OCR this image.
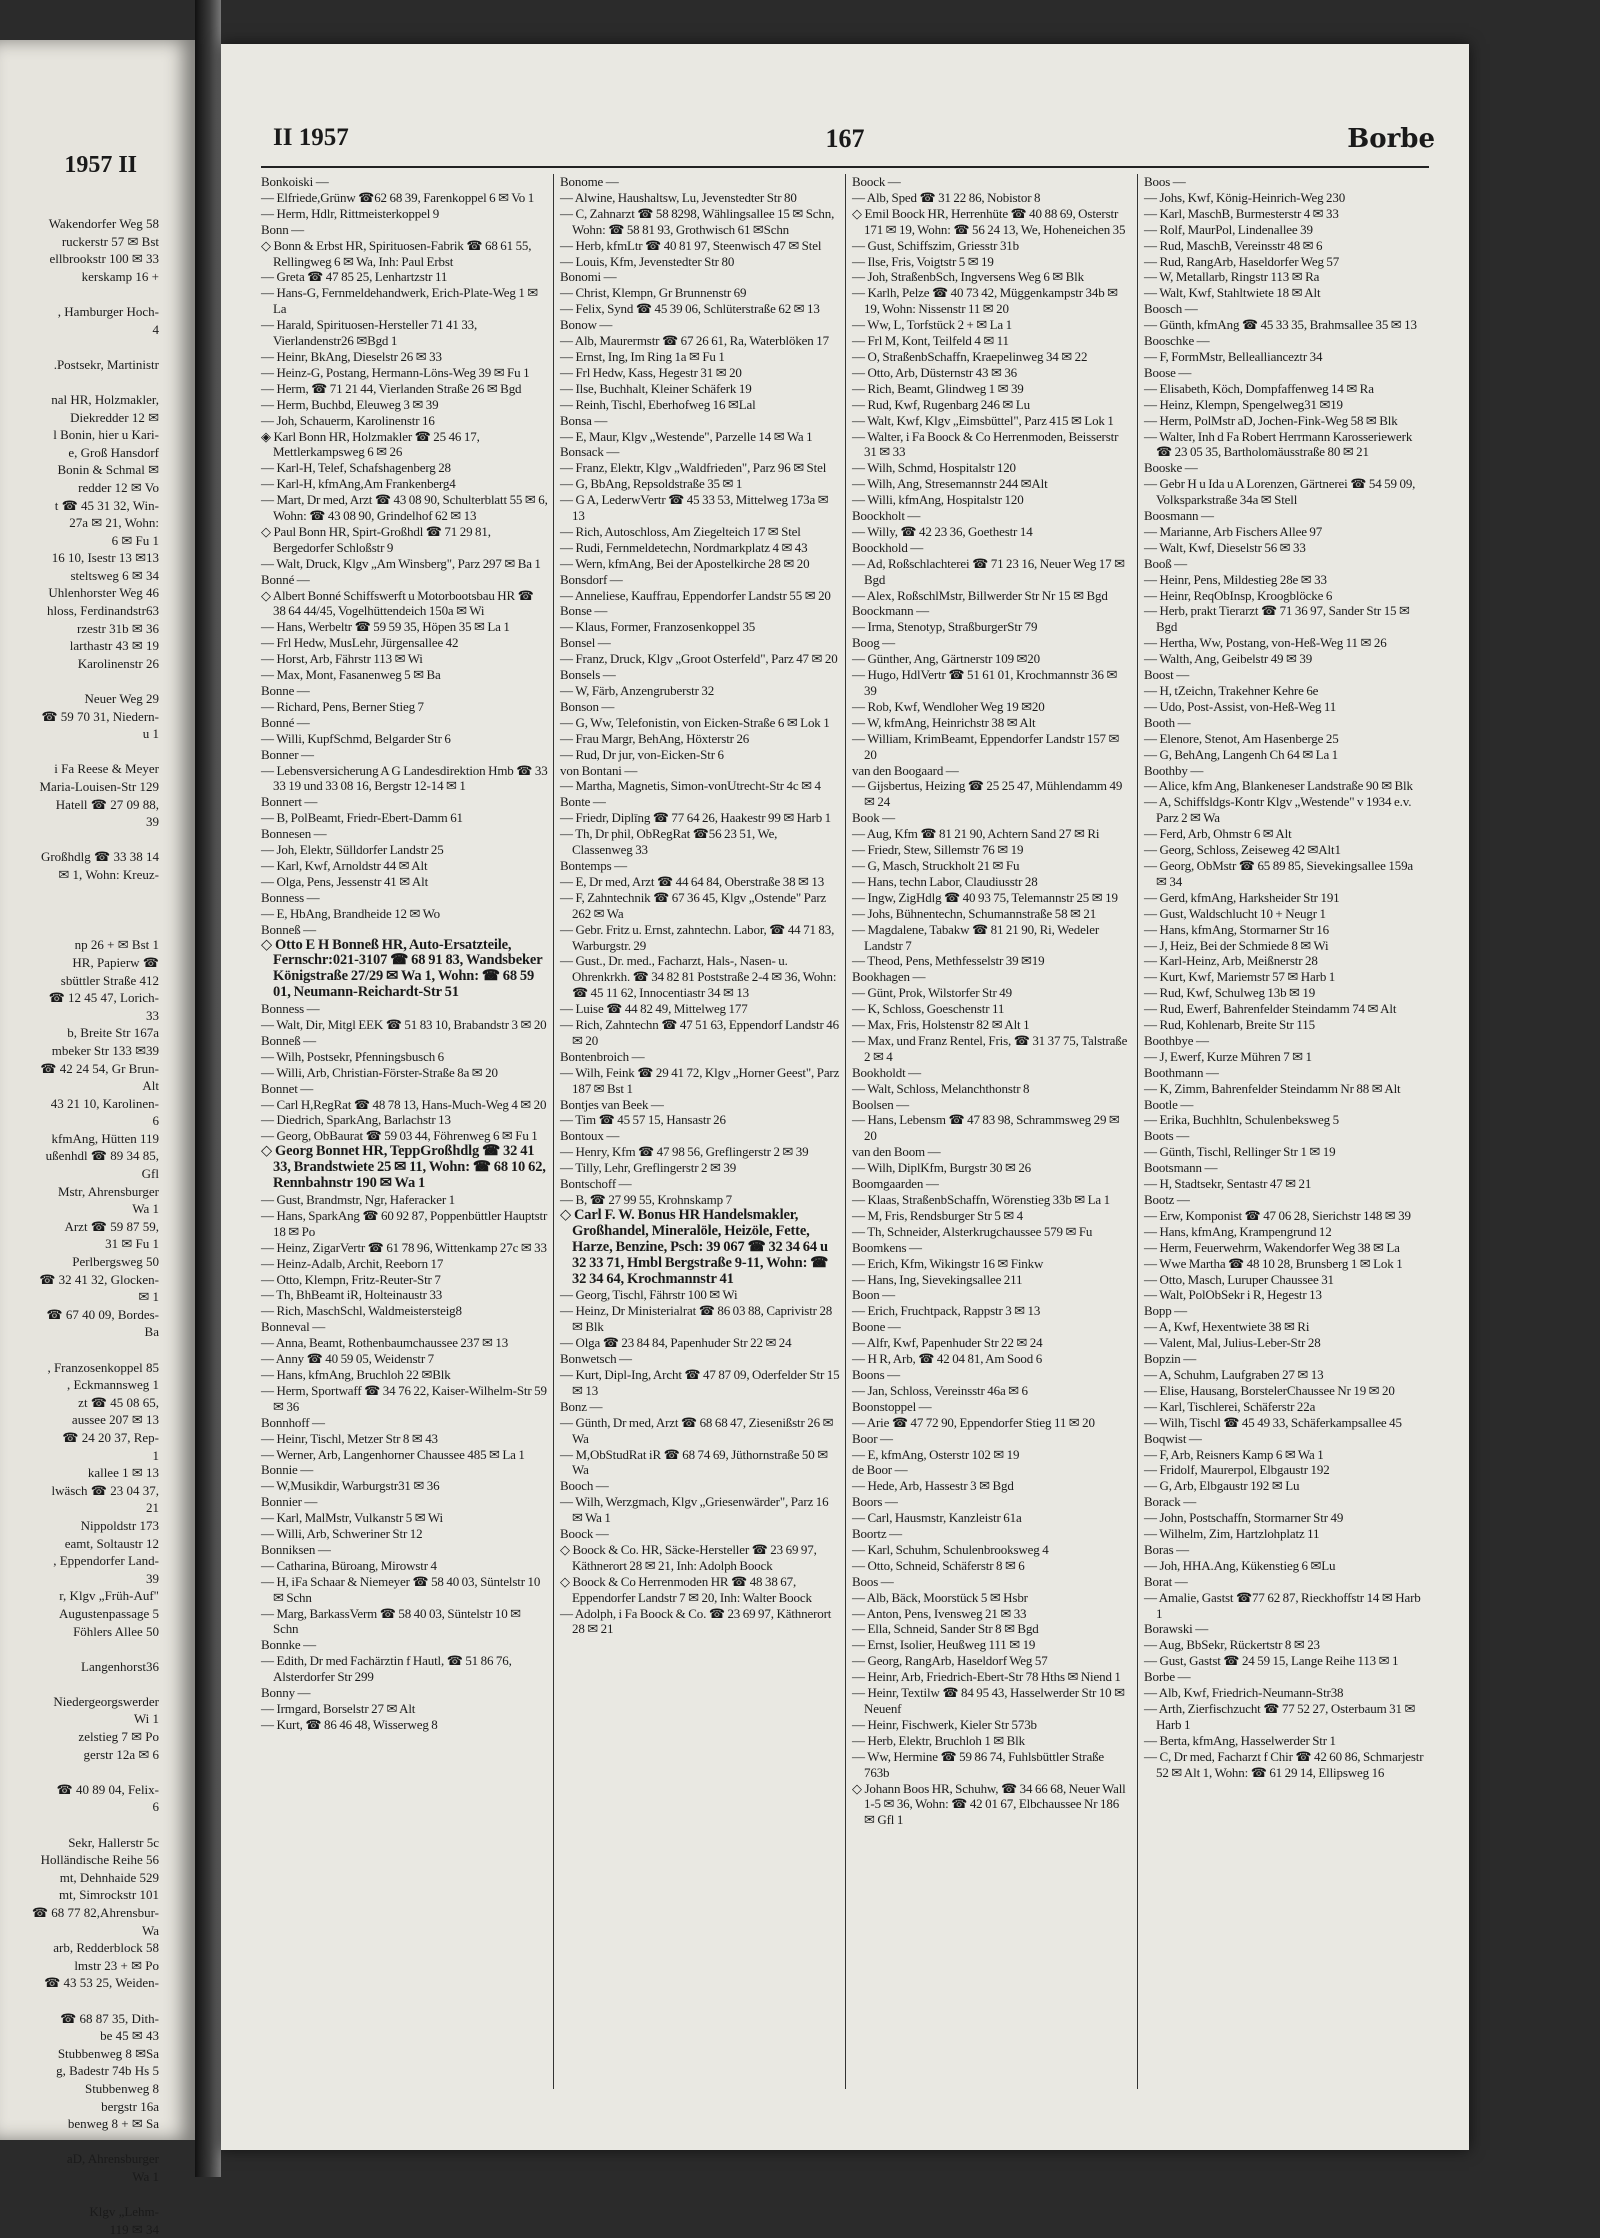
1957 II
Wakendorfer Weg 58
ruckerstr 57 ✉ Bst
ellbrookstr 100 ✉ 33
kerskamp 16 +

, Hamburger Hoch-
4

.Postsekr, Martinistr

nal HR, Holzmakler,
Diekredder 12 ✉
l Bonin, hier u Kari-
e, Groß Hansdorf
Bonin & Schmal ✉
redder 12 ✉ Vo
t ☎ 45 31 32, Win-
27a ✉ 21, Wohn:
6 ✉ Fu 1
16 10, Isestr 13 ✉13
steltsweg 6 ✉ 34
Uhlenhorster Weg 46
hloss, Ferdinandstr63
rzestr 31b ✉ 36
larthastr 43 ✉ 19
Karolinenstr 26

Neuer Weg 29
☎ 59 70 31, Niedern-
u 1

i Fa Reese & Meyer
Maria-Louisen-Str 129
Hatell ☎ 27 09 88,
39

Großhdlg ☎ 33 38 14
✉ 1, Wohn: Kreuz-

np 26 + ✉ Bst 1
HR, Papierw ☎
sbüttler Straße 412
☎ 12 45 47, Lorich-
33
b, Breite Str 167a
mbeker Str 133 ✉39
☎ 42 24 54, Gr Brun-
Alt
43 21 10, Karolinen-
6
kfmAng, Hütten 119
ußenhdl ☎ 89 34 85,
Gfl
Mstr, Ahrensburger
Wa 1
Arzt ☎ 59 87 59,
31 ✉ Fu 1
Perlbergsweg 50
☎ 32 41 32, Glocken-
✉ 1
☎ 67 40 09, Bordes-
Ba

, Franzosenkoppel 85
, Eckmannsweg 1
zt ☎ 45 08 65,
aussee 207 ✉ 13
☎ 24 20 37, Rep-
1
kallee 1 ✉ 13
lwäsch ☎ 23 04 37,
21
Nippoldstr 173
eamt, Soltaustr 12
, Eppendorfer Land-
39
r, Klgv „Früh-Auf"
Augustenpassage 5
Föhlers Allee 50

Langenhorst36

Niedergeorgswerder
Wi 1
zelstieg 7 ✉ Po
gerstr 12a ✉ 6

☎ 40 89 04, Felix-
6

Sekr, Hallerstr 5c
Holländische Reihe 56
mt, Dehnhaide 529
mt, Simrockstr 101
☎ 68 77 82,Ahrensbur-
Wa
arb, Redderblock 58
lmstr 23 + ✉ Po
☎ 43 53 25, Weiden-

☎ 68 87 35, Dith-
be 45 ✉ 43
Stubbenweg 8 ✉Sa
g, Badestr 74b Hs 5
Stubbenweg 8
bergstr 16a
benweg 8 + ✉ Sa

aD, Ahrensburger
Wa 1

Klgv „Lehm-
119 ✉ 34
II 1957	167	Borbe
Bonkoiski —
— Elfriede,Grünw ☎62 68 39, Farenkoppel 6 ✉ Vo 1
— Herm, Hdlr, Rittmeisterkoppel 9
Bonn —
◇ Bonn & Erbst HR, Spirituosen-Fabrik ☎ 68 61 55, Rellingweg 6 ✉ Wa, Inh: Paul Erbst
— Greta ☎ 47 85 25, Lenhartzstr 11
— Hans-G, Fernmeldehandwerk, Erich-Plate-Weg 1 ✉ La
— Harald, Spirituosen-Hersteller 71 41 33, Vierlandenstr26 ✉Bgd 1
— Heinr, BkAng, Dieselstr 26 ✉ 33
— Heinz-G, Postang, Hermann-Löns-Weg 39 ✉ Fu 1
— Herm, ☎ 71 21 44, Vierlanden Straße 26 ✉ Bgd
— Herm, Buchbd, Eleuweg 3 ✉ 39
— Joh, Schauerm, Karolinenstr 16
◈ Karl Bonn HR, Holzmakler ☎ 25 46 17, Mettlerkampsweg 6 ✉ 26
— Karl-H, Telef, Schafshagenberg 28
— Karl-H, kfmAng,Am Frankenberg4
— Mart, Dr med, Arzt ☎ 43 08 90, Schulterblatt 55 ✉ 6, Wohn: ☎ 43 08 90, Grindelhof 62 ✉ 13
◇ Paul Bonn HR, Spirt-Großhdl ☎ 71 29 81, Bergedorfer Schloßstr 9
— Walt, Druck, Klgv „Am Winsberg", Parz 297 ✉ Ba 1
Bonné —
◇ Albert Bonné Schiffswerft u Motorbootsbau HR ☎ 38 64 44/45, Vogelhüttendeich 150a ✉ Wi
— Hans, Werbeltr ☎ 59 59 35, Höpen 35 ✉ La 1
— Frl Hedw, MusLehr, Jürgensallee 42
— Horst, Arb, Fährstr 113 ✉ Wi
— Max, Mont, Fasanenweg 5 ✉ Ba
Bonne —
— Richard, Pens, Berner Stieg 7
Bonné —
— Willi, KupfSchmd, Belgarder Str 6
Bonner —
— Lebensversicherung A G Landesdirektion Hmb ☎ 33 33 19 und 33 08 16, Bergstr 12-14 ✉ 1
Bonnert —
— B, PolBeamt, Friedr-Ebert-Damm 61
Bonnesen —
— Joh, Elektr, Sülldorfer Landstr 25
— Karl, Kwf, Arnoldstr 44 ✉ Alt
— Olga, Pens, Jessenstr 41 ✉ Alt
Bonness —
— E, HbAng, Brandheide 12 ✉ Wo
Bonneß —
◇ Otto E H Bonneß HR, Auto-Ersatzteile, Fernschr:021-3107 ☎ 68 91 83, Wandsbeker Königstraße 27/29 ✉ Wa 1, Wohn: ☎ 68 59 01, Neumann-Reichardt-Str 51
Bonness —
— Walt, Dir, Mitgl EEK ☎ 51 83 10, Brabandstr 3 ✉ 20
Bonneß —
— Wilh, Postsekr, Pfenningsbusch 6
— Willi, Arb, Christian-Förster-Straße 8a ✉ 20
Bonnet —
— Carl H,RegRat ☎ 48 78 13, Hans-Much-Weg 4 ✉ 20
— Diedrich, SparkAng, Barlachstr 13
— Georg, ObBaurat ☎ 59 03 44, Föhrenweg 6 ✉ Fu 1
◇ Georg Bonnet HR, TeppGroßhdlg ☎ 32 41 33, Brandstwiete 25 ✉ 11, Wohn: ☎ 68 10 62, Rennbahnstr 190 ✉ Wa 1
— Gust, Brandmstr, Ngr, Haferacker 1
— Hans, SparkAng ☎ 60 92 87, Poppenbüttler Hauptstr 18 ✉ Po
— Heinz, ZigarVertr ☎ 61 78 96, Wittenkamp 27c ✉ 33
— Heinz-Adalb, Archit, Reeborn 17
— Otto, Klempn, Fritz-Reuter-Str 7
— Th, BhBeamt iR, Holteinaustr 33
— Rich, MaschSchl, Waldmeistersteig8
Bonneval —
— Anna, Beamt, Rothenbaumchaussee 237 ✉ 13
— Anny ☎ 40 59 05, Weidenstr 7
— Hans, kfmAng, Bruchloh 22 ✉Blk
— Herm, Sportwaff ☎ 34 76 22, Kaiser-Wilhelm-Str 59 ✉ 36
Bonnhoff —
— Heinr, Tischl, Metzer Str 8 ✉ 43
— Werner, Arb, Langenhorner Chaussee 485 ✉ La 1
Bonnie —
— W,Musikdir, Warburgstr31 ✉ 36
Bonnier —
— Karl, MalMstr, Vulkanstr 5 ✉ Wi
— Willi, Arb, Schweriner Str 12
Bonniksen —
— Catharina, Büroang, Mirowstr 4
— H, iFa Schaar & Niemeyer ☎ 58 40 03, Süntelstr 10 ✉ Schn
— Marg, BarkassVerm ☎ 58 40 03, Süntelstr 10 ✉ Schn
Bonnke —
— Edith, Dr med Fachärztin f Hautl, ☎ 51 86 76, Alsterdorfer Str 299
Bonny —
— Irmgard, Borselstr 27 ✉ Alt
— Kurt, ☎ 86 46 48, Wisserweg 8
Bonome —
— Alwine, Haushaltsw, Lu, Jevenstedter Str 80
— C, Zahnarzt ☎ 58 8298, Wählingsallee 15 ✉ Schn, Wohn: ☎ 58 81 93, Grothwisch 61 ✉Schn
— Herb, kfmLtr ☎ 40 81 97, Steenwisch 47 ✉ Stel
— Louis, Kfm, Jevenstedter Str 80
Bonomi —
— Christ, Klempn, Gr Brunnenstr 69
— Felix, Synd ☎ 45 39 06, Schlüterstraße 62 ✉ 13
Bonow —
— Alb, Maurermstr ☎ 67 26 61, Ra, Waterblöken 17
— Ernst, Ing, Im Ring 1a ✉ Fu 1
— Frl Hedw, Kass, Hegestr 31 ✉ 20
— Ilse, Buchhalt, Kleiner Schäferk 19
— Reinh, Tischl, Eberhofweg 16 ✉Lal
Bonsa —
— E, Maur, Klgv „Westende", Parzelle 14 ✉ Wa 1
Bonsack —
— Franz, Elektr, Klgv „Waldfrieden", Parz 96 ✉ Stel
— G, BbAng, Repsoldstraße 35 ✉ 1
— G A, LederwVertr ☎ 45 33 53, Mittelweg 173a ✉ 13
— Rich, Autoschloss, Am Ziegelteich 17 ✉ Stel
— Rudi, Fernmeldetechn, Nordmarkplatz 4 ✉ 43
— Wern, kfmAng, Bei der Apostelkirche 28 ✉ 20
Bonsdorf —
— Anneliese, Kauffrau, Eppendorfer Landstr 55 ✉ 20
Bonse —
— Klaus, Former, Franzosenkoppel 35
Bonsel —
— Franz, Druck, Klgv „Groot Osterfeld", Parz 47 ✉ 20
Bonsels —
— W, Färb, Anzengruberstr 32
Bonson —
— G, Ww, Telefonistin, von Eicken-Straße 6 ✉ Lok 1
— Frau Margr, BehAng, Höxterstr 26
— Rud, Dr jur, von-Eicken-Str 6
von Bontani —
— Martha, Magnetis, Simon-vonUtrecht-Str 4c ✉ 4
Bonte —
— Friedr, Diplīng ☎ 77 64 26, Haakestr 99 ✉ Harb 1
— Th, Dr phil, ObRegRat ☎56 23 51, We, Classenweg 33
Bontemps —
— E, Dr med, Arzt ☎ 44 64 84, Oberstraße 38 ✉ 13
— F, Zahntechnik ☎ 67 36 45, Klgv „Ostende" Parz 262 ✉ Wa
— Gebr. Fritz u. Ernst, zahntechn. Labor, ☎ 44 71 83, Warburgstr. 29
— Gust., Dr. med., Facharzt, Hals-, Nasen- u. Ohrenkrkh. ☎ 34 82 81 Poststraße 2-4 ✉ 36, Wohn: ☎ 45 11 62, Innocentiastr 34 ✉ 13
— Luise ☎ 44 82 49, Mittelweg 177
— Rich, Zahntechn ☎ 47 51 63, Eppendorf Landstr 46 ✉ 20
Bontenbroich —
— Wilh, Feink ☎ 29 41 72, Klgv „Horner Geest", Parz 187 ✉ Bst 1
Bontjes van Beek —
— Tim ☎ 45 57 15, Hansastr 26
Bontoux —
— Henry, Kfm ☎ 47 98 56, Greflingerstr 2 ✉ 39
— Tilly, Lehr, Greflingerstr 2 ✉ 39
Bontschoff —
— B, ☎ 27 99 55, Krohnskamp 7
◇ Carl F. W. Bonus HR Handelsmakler, Großhandel, Mineralöle, Heizöle, Fette, Harze, Benzine, Psch: 39 067 ☎ 32 34 64 u 32 33 71, Hmbl Bergstraße 9-11, Wohn: ☎ 32 34 64, Krochmannstr 41
— Georg, Tischl, Fährstr 100 ✉ Wi
— Heinz, Dr Ministerialrat ☎ 86 03 88, Caprivistr 28 ✉ Blk
— Olga ☎ 23 84 84, Papenhuder Str 22 ✉ 24
Bonwetsch —
— Kurt, Dipl-Ing, Archt ☎ 47 87 09, Oderfelder Str 15 ✉ 13
Bonz —
— Günth, Dr med, Arzt ☎ 68 68 47, Ziesenißstr 26 ✉ Wa
— M,ObStudRat iR ☎ 68 74 69, Jüthornstraße 50 ✉ Wa
Booch —
— Wilh, Werzgmach, Klgv „Griesenwärder", Parz 16 ✉ Wa 1
Boock —
◇ Boock & Co. HR, Säcke-Hersteller ☎ 23 69 97, Käthnerort 28 ✉ 21, Inh: Adolph Boock
◇ Boock & Co Herrenmoden HR ☎ 48 38 67, Eppendorfer Landstr 7 ✉ 20, Inh: Walter Boock
— Adolph, i Fa Boock & Co. ☎ 23 69 97, Käthnerort 28 ✉ 21
Boock —
— Alb, Sped ☎ 31 22 86, Nobistor 8
◇ Emil Boock HR, Herrenhüte ☎ 40 88 69, Osterstr 171 ✉ 19, Wohn: ☎ 56 24 13, We, Hoheneichen 35
— Gust, Schiffszim, Griesstr 31b
— Ilse, Fris, Voigtstr 5 ✉ 19
— Joh, StraßenbSch, Ingversens Weg 6 ✉ Blk
— Karlh, Pelze ☎ 40 73 42, Müggenkampstr 34b ✉ 19, Wohn: Nissenstr 11 ✉ 20
— Ww, L, Torfstück 2 + ✉ La 1
— Frl M, Kont, Teilfeld 4 ✉ 11
— O, StraßenbSchaffn, Kraepelinweg 34 ✉ 22
— Otto, Arb, Düsternstr 43 ✉ 36
— Rich, Beamt, Glindweg 1 ✉ 39
— Rud, Kwf, Rugenbarg 246 ✉ Lu
— Walt, Kwf, Klgv „Eimsbüttel", Parz 415 ✉ Lok 1
— Walter, i Fa Boock & Co Herrenmoden, Beisserstr 31 ✉ 33
— Wilh, Schmd, Hospitalstr 120
— Wilh, Ang, Stresemannstr 244 ✉Alt
— Willi, kfmAng, Hospitalstr 120
Boockholt —
— Willy, ☎ 42 23 36, Goethestr 14
Boockhold —
— Ad, Roßschlachterei ☎ 71 23 16, Neuer Weg 17 ✉ Bgd
— Alex, RoßschlMstr, Billwerder Str Nr 15 ✉ Bgd
Boockmann —
— Irma, Stenotyp, StraßburgerStr 79
Boog —
— Günther, Ang, Gärtnerstr 109 ✉20
— Hugo, HdlVertr ☎ 51 61 01, Krochmannstr 36 ✉ 39
— Rob, Kwf, Wendloher Weg 19 ✉20
— W, kfmAng, Heinrichstr 38 ✉ Alt
— William, KrimBeamt, Eppendorfer Landstr 157 ✉ 20
van den Boogaard —
— Gijsbertus, Heizing ☎ 25 25 47, Mühlendamm 49 ✉ 24
Book —
— Aug, Kfm ☎ 81 21 90, Achtern Sand 27 ✉ Ri
— Friedr, Stew, Sillemstr 76 ✉ 19
— G, Masch, Struckholt 21 ✉ Fu
— Hans, techn Labor, Claudiusstr 28
— Ingw, ZigHdlg ☎ 40 93 75, Telemannstr 25 ✉ 19
— Johs, Bühnentechn, Schumannstraße 58 ✉ 21
— Magdalene, Tabakw ☎ 81 21 90, Ri, Wedeler Landstr 7
— Theod, Pens, Methfesselstr 39 ✉19
Bookhagen —
— Günt, Prok, Wilstorfer Str 49
— K, Schloss, Goeschenstr 11
— Max, Fris, Holstenstr 82 ✉ Alt 1
— Max, und Franz Rentel, Fris, ☎ 31 37 75, Talstraße 2 ✉ 4
Bookholdt —
— Walt, Schloss, Melanchthonstr 8
Boolsen —
— Hans, Lebensm ☎ 47 83 98, Schrammsweg 29 ✉ 20
van den Boom —
— Wilh, DiplKfm, Burgstr 30 ✉ 26
Boomgaarden —
— Klaas, StraßenbSchaffn, Wörenstieg 33b ✉ La 1
— M, Fris, Rendsburger Str 5 ✉ 4
— Th, Schneider, Alsterkrugchaussee 579 ✉ Fu
Boomkens —
— Erich, Kfm, Wikingstr 16 ✉ Finkw
— Hans, Ing, Sievekingsallee 211
Boon —
— Erich, Fruchtpack, Rappstr 3 ✉ 13
Boone —
— Alfr, Kwf, Papenhuder Str 22 ✉ 24
— H R, Arb, ☎ 42 04 81, Am Sood 6
Boons —
— Jan, Schloss, Vereinsstr 46a ✉ 6
Boonstoppel —
— Arie ☎ 47 72 90, Eppendorfer Stieg 11 ✉ 20
Boor —
— E, kfmAng, Osterstr 102 ✉ 19
de Boor —
— Hede, Arb, Hassestr 3 ✉ Bgd
Boors —
— Carl, Hausmstr, Kanzleistr 61a
Boortz —
— Karl, Schuhm, Schulenbrooksweg 4
— Otto, Schneid, Schäferstr 8 ✉ 6
Boos —
— Alb, Bäck, Moorstück 5 ✉ Hsbr
— Anton, Pens, Ivensweg 21 ✉ 33
— Ella, Schneid, Sander Str 8 ✉ Bgd
— Ernst, Isolier, Heußweg 111 ✉ 19
— Georg, RangArb, Haseldorf Weg 57
— Heinr, Arb, Friedrich-Ebert-Str 78 Hths ✉ Niend 1
— Heinr, Textilw ☎ 84 95 43, Hasselwerder Str 10 ✉ Neuenf
— Heinr, Fischwerk, Kieler Str 573b
— Herb, Elektr, Bruchloh 1 ✉ Blk
— Ww, Hermine ☎ 59 86 74, Fuhlsbüttler Straße 763b
◇ Johann Boos HR, Schuhw, ☎ 34 66 68, Neuer Wall 1-5 ✉ 36, Wohn: ☎ 42 01 67, Elbchaussee Nr 186 ✉ Gfl 1
Boos —
— Johs, Kwf, König-Heinrich-Weg 230
— Karl, MaschB, Burmesterstr 4 ✉ 33
— Rolf, MaurPol, Lindenallee 39
— Rud, MaschB, Vereinsstr 48 ✉ 6
— Rud, RangArb, Haseldorfer Weg 57
— W, Metallarb, Ringstr 113 ✉ Ra
— Walt, Kwf, Stahltwiete 18 ✉ Alt
Boosch —
— Günth, kfmAng ☎ 45 33 35, Brahmsallee 35 ✉ 13
Booschke —
— F, FormMstr, Belleallianceztr 34
Boose —
— Elisabeth, Köch, Dompfaffenweg 14 ✉ Ra
— Heinz, Klempn, Spengelweg31 ✉19
— Herm, PolMstr aD, Jochen-Fink-Weg 58 ✉ Blk
— Walter, Inh d Fa Robert Herrmann Karosseriewerk ☎ 23 05 35, Bartholomäusstraße 80 ✉ 21
Booske —
— Gebr H u Ida u A Lorenzen, Gärtnerei ☎ 54 59 09, Volksparkstraße 34a ✉ Stell
Boosmann —
— Marianne, Arb Fischers Allee 97
— Walt, Kwf, Dieselstr 56 ✉ 33
Booß —
— Heinr, Pens, Mildestieg 28e ✉ 33
— Heinr, ReqObInsp, Kroogblöcke 6
— Herb, prakt Tierarzt ☎ 71 36 97, Sander Str 15 ✉ Bgd
— Hertha, Ww, Postang, von-Heß-Weg 11 ✉ 26
— Walth, Ang, Geibelstr 49 ✉ 39
Boost —
— H, tZeichn, Trakehner Kehre 6e
— Udo, Post-Assist, von-Heß-Weg 11
Booth —
— Elenore, Stenot, Am Hasenberge 25
— G, BehAng, Langenh Ch 64 ✉ La 1
Boothby —
— Alice, kfm Ang, Blankeneser Landstraße 90 ✉ Blk
— A, Schiffsldgs-Kontr Klgv „Westende" v 1934 e.v. Parz 2 ✉ Wa
— Ferd, Arb, Ohmstr 6 ✉ Alt
— Georg, Schloss, Zeiseweg 42 ✉Alt1
— Georg, ObMstr ☎ 65 89 85, Sievekingsallee 159a ✉ 34
— Gerd, kfmAng, Harksheider Str 191
— Gust, Waldschlucht 10 + Neugr 1
— Hans, kfmAng, Stormarner Str 16
— J, Heiz, Bei der Schmiede 8 ✉ Wi
— Karl-Heinz, Arb, Meißnerstr 28
— Kurt, Kwf, Mariemstr 57 ✉ Harb 1
— Rud, Kwf, Schulweg 13b ✉ 19
— Rud, Ewerf, Bahrenfelder Steindamm 74 ✉ Alt
— Rud, Kohlenarb, Breite Str 115
Boothbye —
— J, Ewerf, Kurze Mühren 7 ✉ 1
Boothmann —
— K, Zimm, Bahrenfelder Steindamm Nr 88 ✉ Alt
Bootle —
— Erika, Buchhltn, Schulenbeksweg 5
Boots —
— Günth, Tischl, Rellinger Str 1 ✉ 19
Bootsmann —
— H, Stadtsekr, Sentastr 47 ✉ 21
Bootz —
— Erw, Komponist ☎ 47 06 28, Sierichstr 148 ✉ 39
— Hans, kfmAng, Krampengrund 12
— Herm, Feuerwehrm, Wakendorfer Weg 38 ✉ La
— Wwe Martha ☎ 48 10 28, Brunsberg 1 ✉ Lok 1
— Otto, Masch, Luruper Chaussee 31
— Walt, PolObSekr i R, Hegestr 13
Bopp —
— A, Kwf, Hexentwiete 38 ✉ Ri
— Valent, Mal, Julius-Leber-Str 28
Bopzin —
— A, Schuhm, Laufgraben 27 ✉ 13
— Elise, Hausang, BorstelerChaussee Nr 19 ✉ 20
— Karl, Tischlerei, Schäferstr 22a
— Wilh, Tischl ☎ 45 49 33, Schäferkampsallee 45
Boqwist —
— F, Arb, Reisners Kamp 6 ✉ Wa 1
— Fridolf, Maurerpol, Elbgaustr 192
— G, Arb, Elbgaustr 192 ✉ Lu
Borack —
— John, Postschaffn, Stormarner Str 49
— Wilhelm, Zim, Hartzlohplatz 11
Boras —
— Joh, HHA.Ang, Kükenstieg 6 ✉Lu
Borat —
— Amalie, Gastst ☎77 62 87, Rieckhoffstr 14 ✉ Harb 1
Borawski —
— Aug, BbSekr, Rückertstr 8 ✉ 23
— Gust, Gastst ☎ 24 59 15, Lange Reihe 113 ✉ 1
Borbe —
— Alb, Kwf, Friedrich-Neumann-Str38
— Arth, Zierfischzucht ☎ 77 52 27, Osterbaum 31 ✉ Harb 1
— Berta, kfmAng, Hasselwerder Str 1
— C, Dr med, Facharzt f Chir ☎ 42 60 86, Schmarjestr 52 ✉ Alt 1, Wohn: ☎ 61 29 14, Ellipsweg 16
